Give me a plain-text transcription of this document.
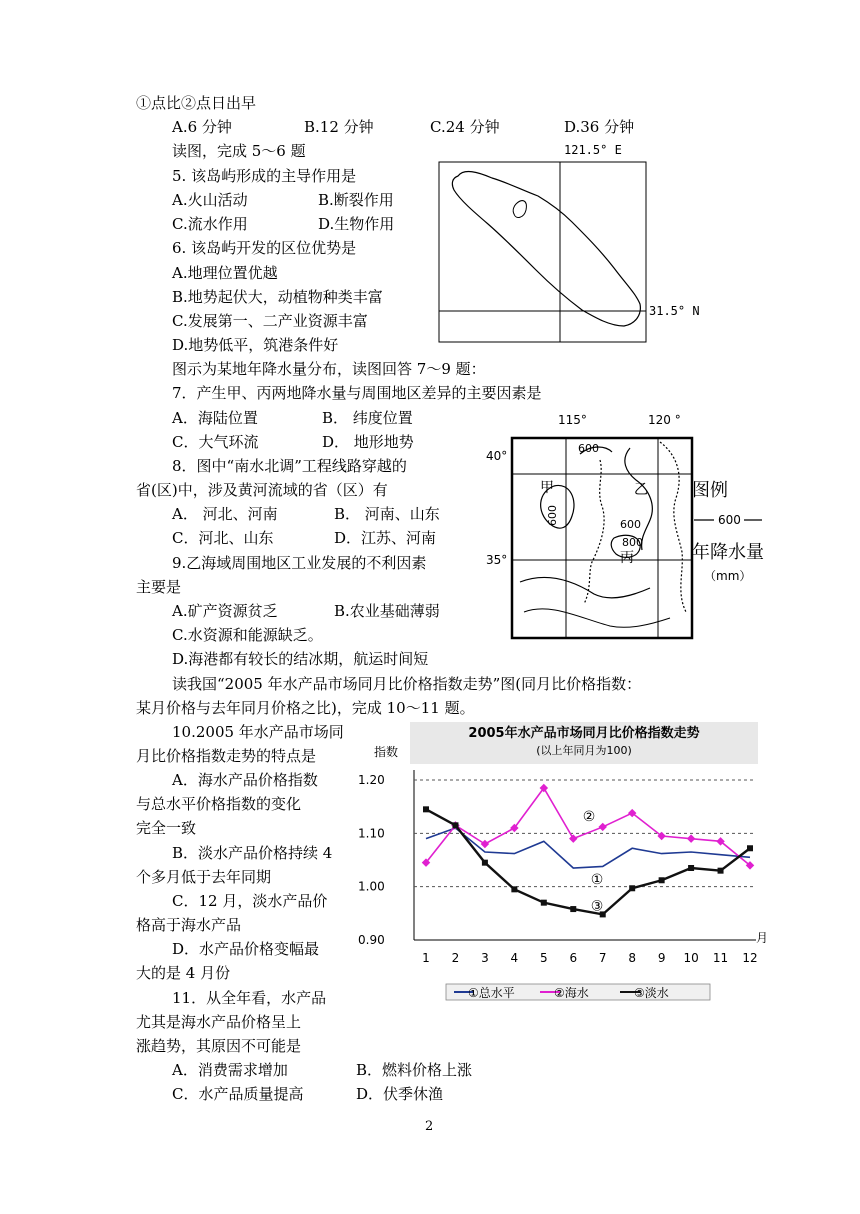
①点比②点日出早
A.6 分钟	B.12 分钟	C.24 分钟	D.36 分钟
读图，完成 5～6 题
5. 该岛屿形成的主导作用是
A.火山活动	B.断裂作用
C.流水作用	D.生物作用
6. 该岛屿开发的区位优势是
A.地理位置优越
B.地势起伏大，动植物种类丰富
C.发展第一、二产业资源丰富
D.地势低平，筑港条件好
图示为某地年降水量分布，读图回答 7～9 题：
7．产生甲、丙两地降水量与周围地区差异的主要因素是
A．海陆位置	B． 纬度位置
C．大气环流	D． 地形地势
8．图中“南水北调”工程线路穿越的
省(区)中，涉及黄河流域的省（区）有
A． 河北、河南	B． 河南、山东
C．河北、山东	D．江苏、河南
9.乙海域周围地区工业发展的不利因素
主要是
A.矿产资源贫乏	B.农业基础薄弱
C.水资源和能源缺乏。
D.海港都有较长的结冰期，航运时间短
读我国“2005 年水产品市场同月比价格指数走势”图(同月比价格指数：
某月价格与去年同月价格之比)，完成 10～11 题。
10.2005 年水产品市场同
月比价格指数走势的特点是
A．海水产品价格指数
与总水平价格指数的变化
完全一致
B．淡水产品价格持续 4
个多月低于去年同期
C．12 月，淡水产品价
格高于海水产品
D．水产品价格变幅最
大的是 4 月份
11．从全年看，水产品
尤其是海水产品价格呈上
涨趋势，其原因不可能是
A．消费需求增加	B．燃料价格上涨
C．水产品质量提高	D．伏季休渔
2
121.5° E
31.5° N
115°	120 °
40°
35°
600
600	600
800
甲	乙
丙
图例
600
年降水量
（mm）
2005年水产品市场同月比价格指数走势
(以上年同月为100)
指数
月
0.90
1.00
1.10
1.20
1 2 3 4 5 6 7 8 9 10 11 12
①
②
③
①总水平	②海水	③淡水
